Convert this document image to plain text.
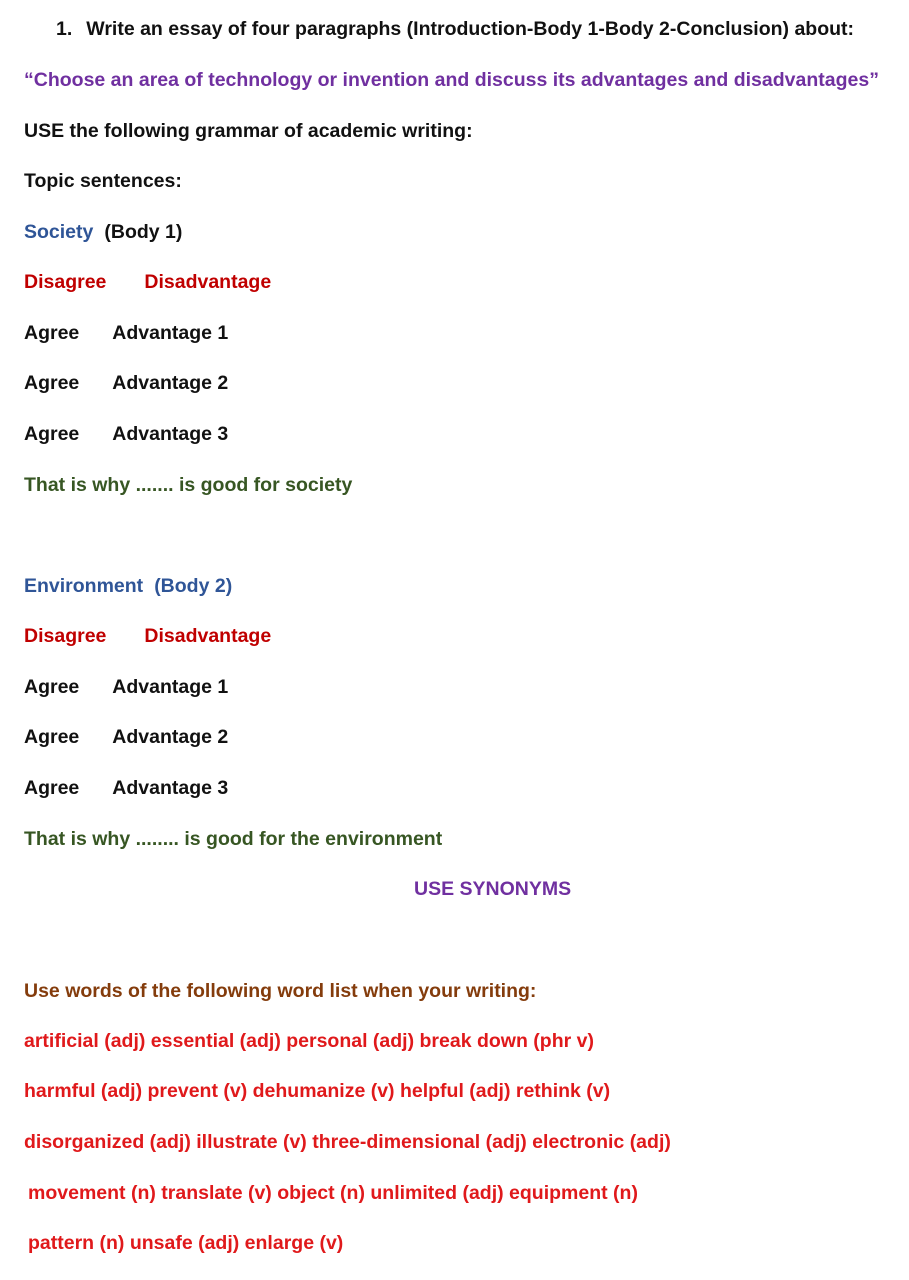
1. Write an essay of four paragraphs (Introduction-Body 1-Body 2-Conclusion) about:
“Choose an area of technology or invention and discuss its advantages and disadvantages”
USE the following grammar of academic writing:
Topic sentences:
Society (Body 1)
Disagree Disadvantage
Agree Advantage 1
Agree Advantage 2
Agree Advantage 3
That is why ....... is good for society
Environment (Body 2)
Disagree Disadvantage
Agree Advantage 1
Agree Advantage 2
Agree Advantage 3
That is why ........ is good for the environment
USE SYNONYMS
Use words of the following word list when your writing:
artificial (adj) essential (adj) personal (adj) break down (phr v)
harmful (adj) prevent (v) dehumanize (v) helpful (adj) rethink (v)
disorganized (adj) illustrate (v) three-dimensional (adj) electronic (adj)
movement (n) translate (v) object (n) unlimited (adj) equipment (n)
pattern (n) unsafe (adj) enlarge (v)
